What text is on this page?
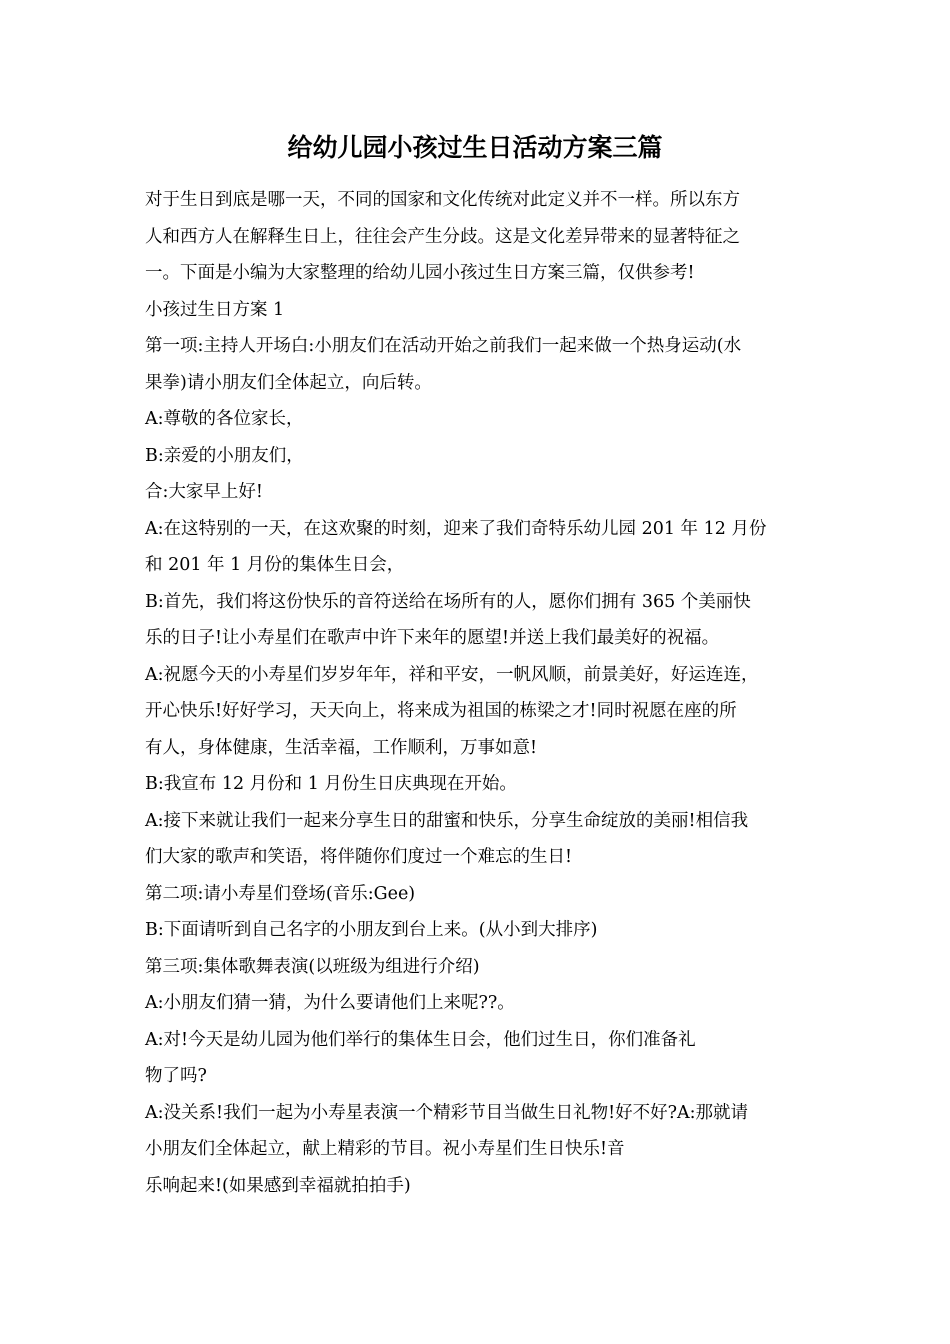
给幼儿园小孩过生日活动方案三篇

对于生日到底是哪一天，不同的国家和文化传统对此定义并不一样。所以东方
人和西方人在解释生日上，往往会产生分歧。这是文化差异带来的显著特征之
一。下面是小编为大家整理的给幼儿园小孩过生日方案三篇，仅供参考!

小孩过生日方案 1

第一项:主持人开场白:小朋友们在活动开始之前我们一起来做一个热身运动(水
果拳)请小朋友们全体起立，向后转。

A:尊敬的各位家长，

B:亲爱的小朋友们，

合:大家早上好!

A:在这特别的一天，在这欢聚的时刻，迎来了我们奇特乐幼儿园 201 年 12 月份
和 201 年 1 月份的集体生日会，

B:首先，我们将这份快乐的音符送给在场所有的人，愿你们拥有 365 个美丽快
乐的日子!让小寿星们在歌声中许下来年的愿望!并送上我们最美好的祝福。

A:祝愿今天的小寿星们岁岁年年，祥和平安，一帆风顺，前景美好，好运连连，
开心快乐!好好学习，天天向上，将来成为祖国的栋梁之才!同时祝愿在座的所
有人，身体健康，生活幸福，工作顺利，万事如意!

B:我宣布 12 月份和 1 月份生日庆典现在开始。

A:接下来就让我们一起来分享生日的甜蜜和快乐，分享生命绽放的美丽!相信我
们大家的歌声和笑语，将伴随你们度过一个难忘的生日!

第二项:请小寿星们登场(音乐:Gee)

B:下面请听到自己名字的小朋友到台上来。(从小到大排序)

第三项:集体歌舞表演(以班级为组进行介绍)

A:小朋友们猜一猜，为什么要请他们上来呢??。

A:对!今天是幼儿园为他们举行的集体生日会，他们过生日，你们准备礼
物了吗?

A:没关系!我们一起为小寿星表演一个精彩节目当做生日礼物!好不好?A:那就请
小朋友们全体起立，献上精彩的节目。祝小寿星们生日快乐!音
乐响起来!(如果感到幸福就拍拍手)
